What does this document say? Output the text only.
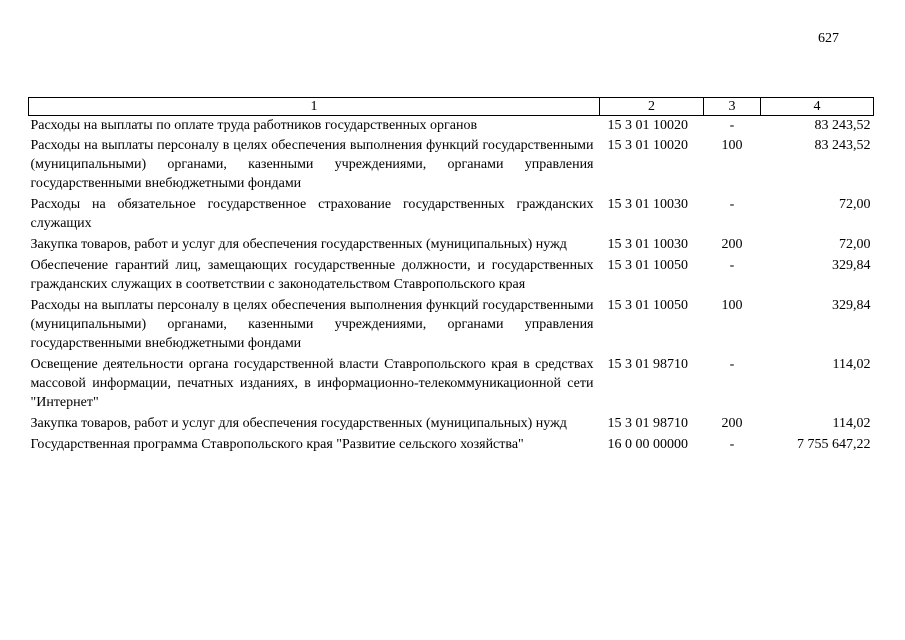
627
1	2	3	4
Расходы на выплаты по оплате труда работников государственных органов	15 3 01 10020	-	83 243,52
Расходы на выплаты персоналу в целях обеспечения выполнения функций государственными (муниципальными) органами, казенными учреждениями, органами управления государственными внебюджетными фондами	15 3 01 10020	100	83 243,52
Расходы на обязательное государственное страхование государственных гражданских служащих	15 3 01 10030	-	72,00
Закупка товаров, работ и услуг для обеспечения государственных (муниципальных) нужд	15 3 01 10030	200	72,00
Обеспечение гарантий лиц, замещающих государственные должности, и государственных гражданских служащих в соответствии с законодательством Ставропольского края	15 3 01 10050	-	329,84
Расходы на выплаты персоналу в целях обеспечения выполнения функций государственными (муниципальными) органами, казенными учреждениями, органами управления государственными внебюджетными фондами	15 3 01 10050	100	329,84
Освещение деятельности органа государственной власти Ставропольского края в средствах массовой информации, печатных изданиях, в информационно-телекоммуникационной сети "Интернет"	15 3 01 98710	-	114,02
Закупка товаров, работ и услуг для обеспечения государственных (муниципальных) нужд	15 3 01 98710	200	114,02
Государственная программа Ставропольского края "Развитие сельского хозяйства"	16 0 00 00000	-	7 755 647,22
